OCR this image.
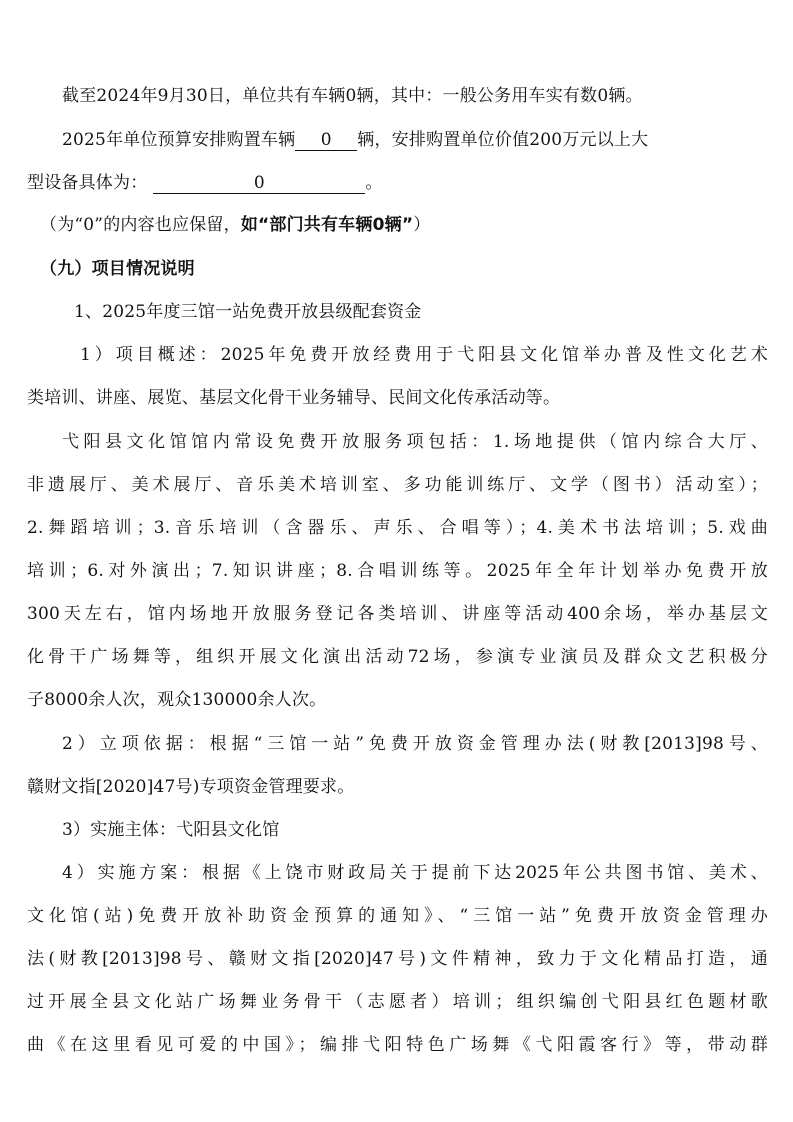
截至2024年9月30日，单位共有车辆0辆，其中：一般公务用车实有数0辆。
2025年单位预算安排购置车辆 0 辆，安排购置单位价值200万元以上大
型设备具体为：	0	。
（为“0”的内容也应保留，如“部门共有车辆0辆”）
（九）项目情况说明
1、2025年度三馆一站免费开放县级配套资金
1）项目概述：2025年免费开放经费用于弋阳县文化馆举办普及性文化艺术
类培训、讲座、展览、基层文化骨干业务辅导、民间文化传承活动等。
弋阳县文化馆馆内常设免费开放服务项包括：1.场地提供（馆内综合大厅、
非遗展厅、美术展厅、音乐美术培训室、多功能训练厅、文学（图书）活动室）；
2.舞蹈培训；3.音乐培训（含器乐、声乐、合唱等）；4.美术书法培训；5.戏曲
培训；6.对外演出；7.知识讲座；8.合唱训练等。2025年全年计划举办免费开放
300天左右，馆内场地开放服务登记各类培训、讲座等活动400余场，举办基层文
化骨干广场舞等，组织开展文化演出活动72场，参演专业演员及群众文艺积极分
子8000余人次，观众130000余人次。
2）立项依据：根据“三馆一站”免费开放资金管理办法(财教[2013]98号、
赣财文指[2020]47号)专项资金管理要求。
3）实施主体：弋阳县文化馆
4）实施方案：根据《上饶市财政局关于提前下达2025年公共图书馆、美术、
文化馆(站)免费开放补助资金预算的通知》、“三馆一站”免费开放资金管理办
法(财教[2013]98号、赣财文指[2020]47号)文件精神，致力于文化精品打造，通
过开展全县文化站广场舞业务骨干（志愿者）培训；组织编创弋阳县红色题材歌
曲《在这里看见可爱的中国》；编排弋阳特色广场舞《弋阳霞客行》等，带动群
